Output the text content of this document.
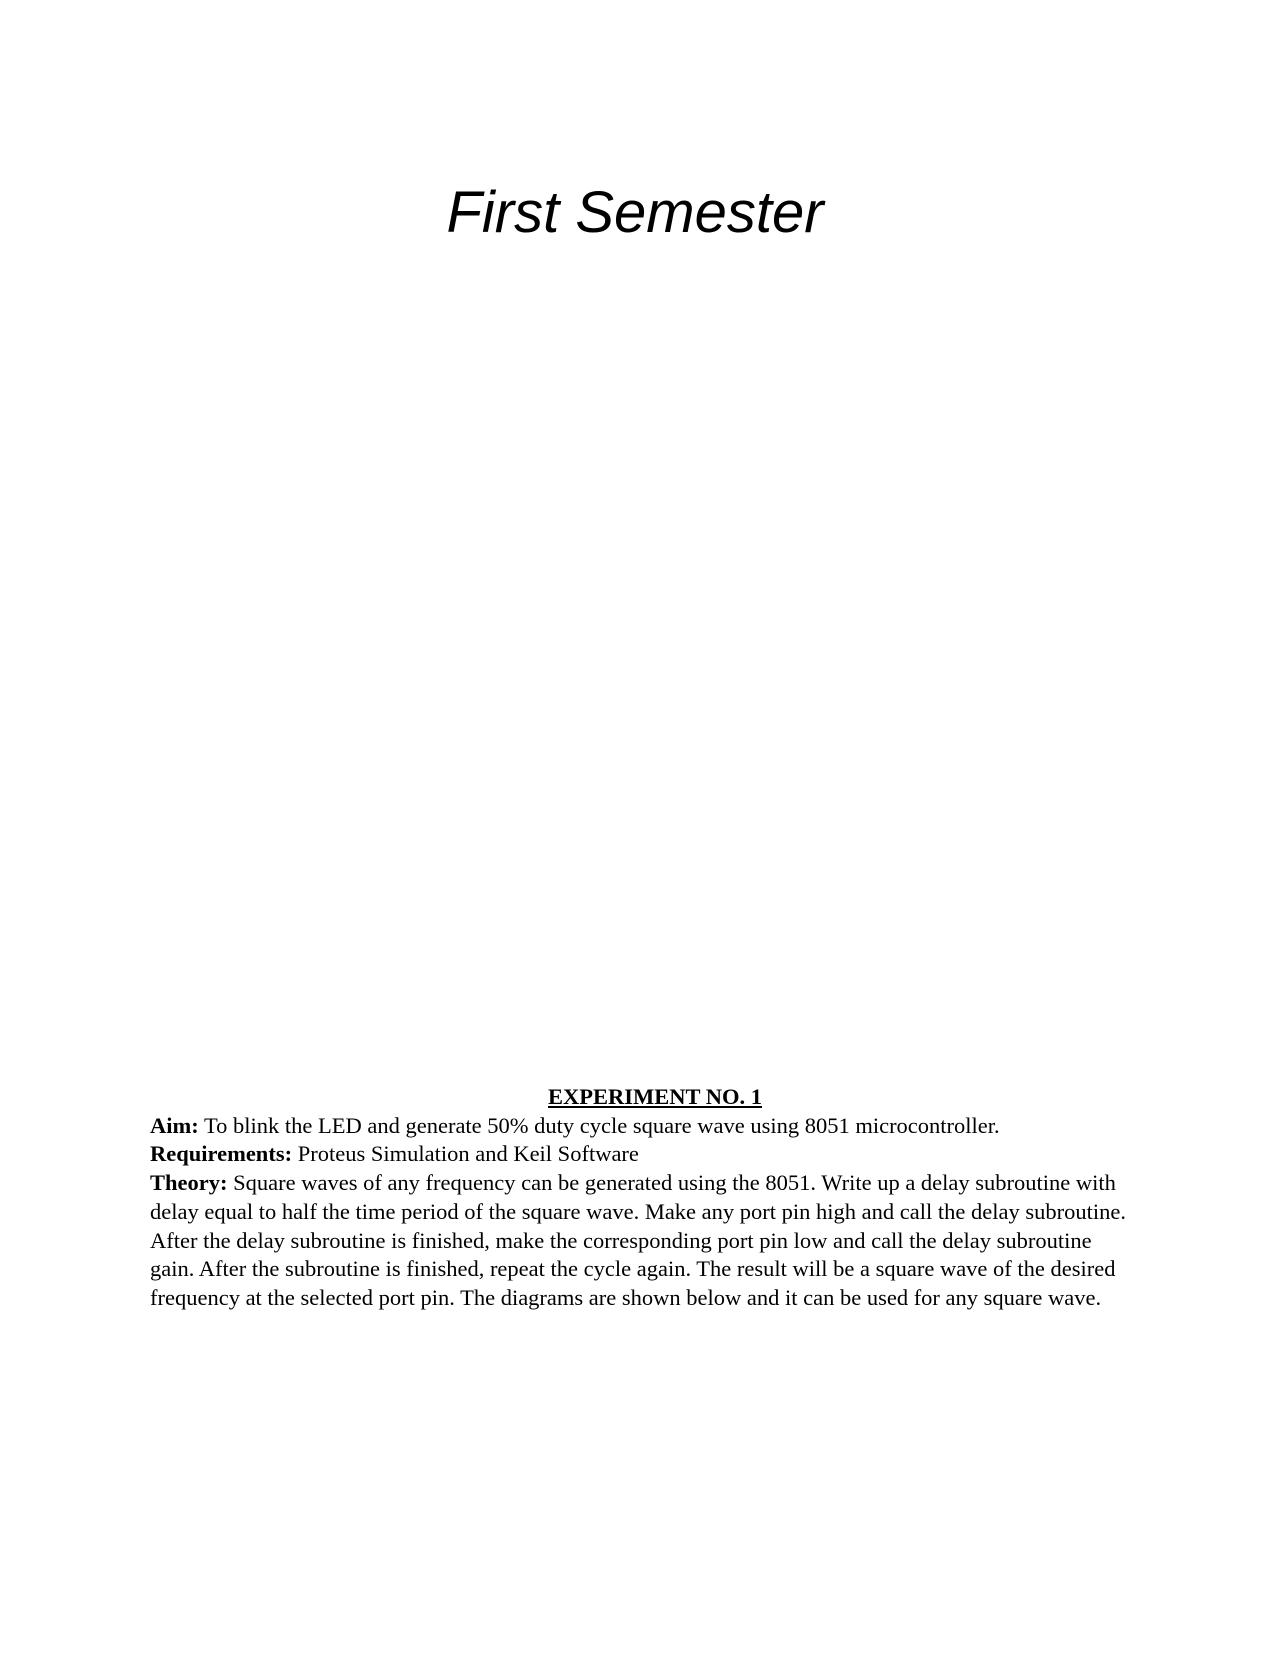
First Semester

EXPERIMENT NO. 1

Aim: To blink the LED and generate 50% duty cycle square wave using 8051 microcontroller.

Requirements: Proteus Simulation and Keil Software

Theory: Square waves of any frequency can be generated using the 8051. Write up a delay subroutine with delay equal to half the time period of the square wave. Make any port pin high and call the delay subroutine. After the delay subroutine is finished, make the corresponding port pin low and call the delay subroutine gain. After the subroutine is finished, repeat the cycle again. The result will be a square wave of the desired frequency at the selected port pin. The diagrams are shown below and it can be used for any square wave.
